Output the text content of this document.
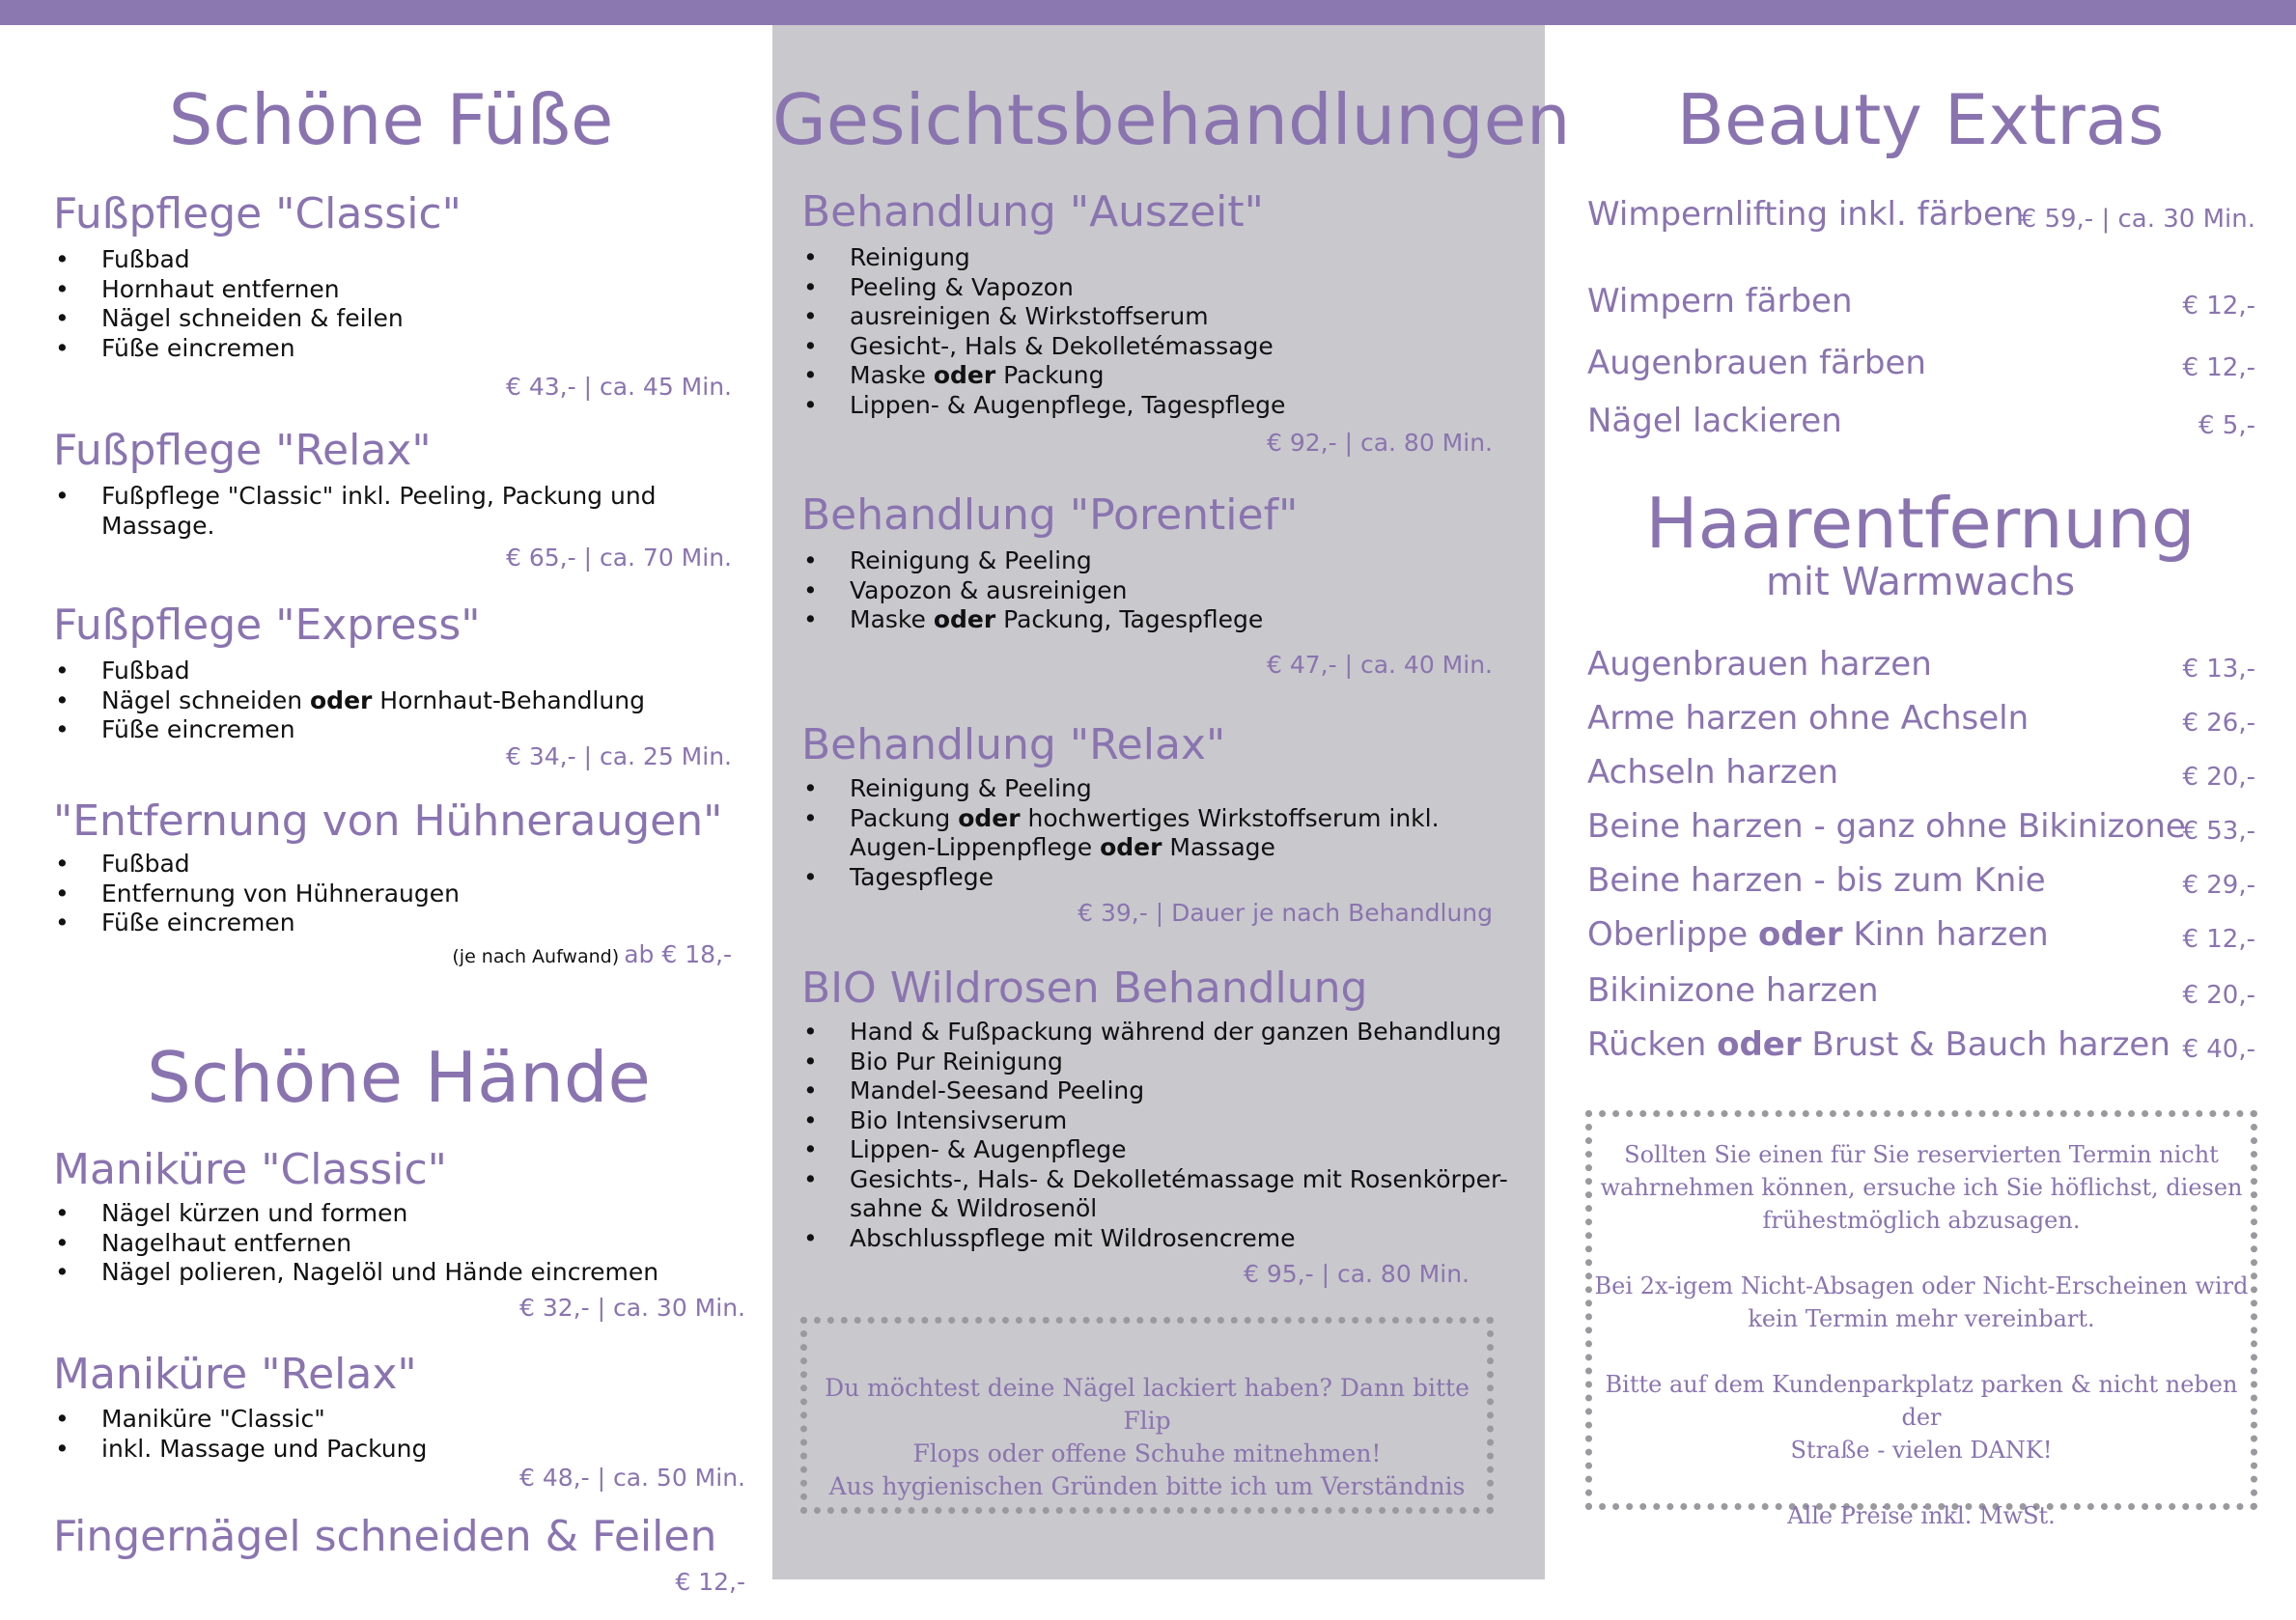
Schöne Füße
Fußpflege "Classic"
• Fußbad
• Hornhaut entfernen
• Nägel schneiden & feilen
• Füße eincremen
€ 43,- | ca. 45 Min.
Fußpflege "Relax"
• Fußpflege "Classic" inkl. Peeling, Packung und Massage.
€ 65,- | ca. 70 Min.
Fußpflege "Express"
• Fußbad
• Nägel schneiden oder Hornhaut-Behandlung
• Füße eincremen
€ 34,- | ca. 25 Min.
"Entfernung von Hühneraugen"
• Fußbad
• Entfernung von Hühneraugen
• Füße eincremen
(je nach Aufwand) ab € 18,-
Schöne Hände
Maniküre "Classic"
• Nägel kürzen und formen
• Nagelhaut entfernen
• Nägel polieren, Nagelöl und Hände eincremen
€ 32,- | ca. 30 Min.
Maniküre "Relax"
• Maniküre "Classic"
• inkl. Massage und Packung
€ 48,- | ca. 50 Min.
Fingernägel schneiden & Feilen
€ 12,-
Gesichtsbehandlungen
Behandlung "Auszeit"
• Reinigung
• Peeling & Vapozon
• ausreinigen & Wirkstoffserum
• Gesicht-, Hals & Dekolletémassage
• Maske oder Packung
• Lippen- & Augenpflege, Tagespflege
€ 92,- | ca. 80 Min.
Behandlung "Porentief"
• Reinigung & Peeling
• Vapozon & ausreinigen
• Maske oder Packung, Tagespflege
€ 47,- | ca. 40 Min.
Behandlung "Relax"
• Reinigung & Peeling
• Packung oder hochwertiges Wirkstoffserum inkl. Augen-Lippenpflege oder Massage
• Tagespflege
€ 39,- | Dauer je nach Behandlung
BIO Wildrosen Behandlung
• Hand & Fußpackung während der ganzen Behandlung
• Bio Pur Reinigung
• Mandel-Seesand Peeling
• Bio Intensivserum
• Lippen- & Augenpflege
• Gesichts-, Hals- & Dekolletémassage mit Rosenkörper-sahne & Wildrosenöl
• Abschlusspflege mit Wildrosencreme
€ 95,- | ca. 80 Min.

Du möchtest deine Nägel lackiert haben? Dann bitte Flip

Flops oder offene Schuhe mitnehmen!

Aus hygienischen Gründen bitte ich um Verständnis

Beauty Extras
Wimpernlifting inkl. färben
€ 59,- | ca. 30 Min.
Wimpern färben	€ 12,-
Augenbrauen färben	€ 12,-
Nägel lackieren	€ 5,-
Haarentfernung
mit Warmwachs
Augenbrauen harzen	€ 13,-
Arme harzen ohne Achseln	€ 26,-
Achseln harzen	€ 20,-
Beine harzen - ganz ohne Bikinizone
€ 53,-
Beine harzen - bis zum Knie	€ 29,-
Oberlippe oder Kinn harzen	€ 12,-
Bikinizone harzen	€ 20,-
Rücken oder Brust & Bauch harzen € 40,-

Sollten Sie einen für Sie reservierten Termin nicht

wahrnehmen können, ersuche ich Sie höflichst, diesen

frühestmöglich abzusagen.

Bei 2x-igem Nicht-Absagen oder Nicht-Erscheinen wird

kein Termin mehr vereinbart.

Bitte auf dem Kundenparkplatz parken & nicht neben der

Straße - vielen DANK!

Alle Preise inkl. MwSt.
